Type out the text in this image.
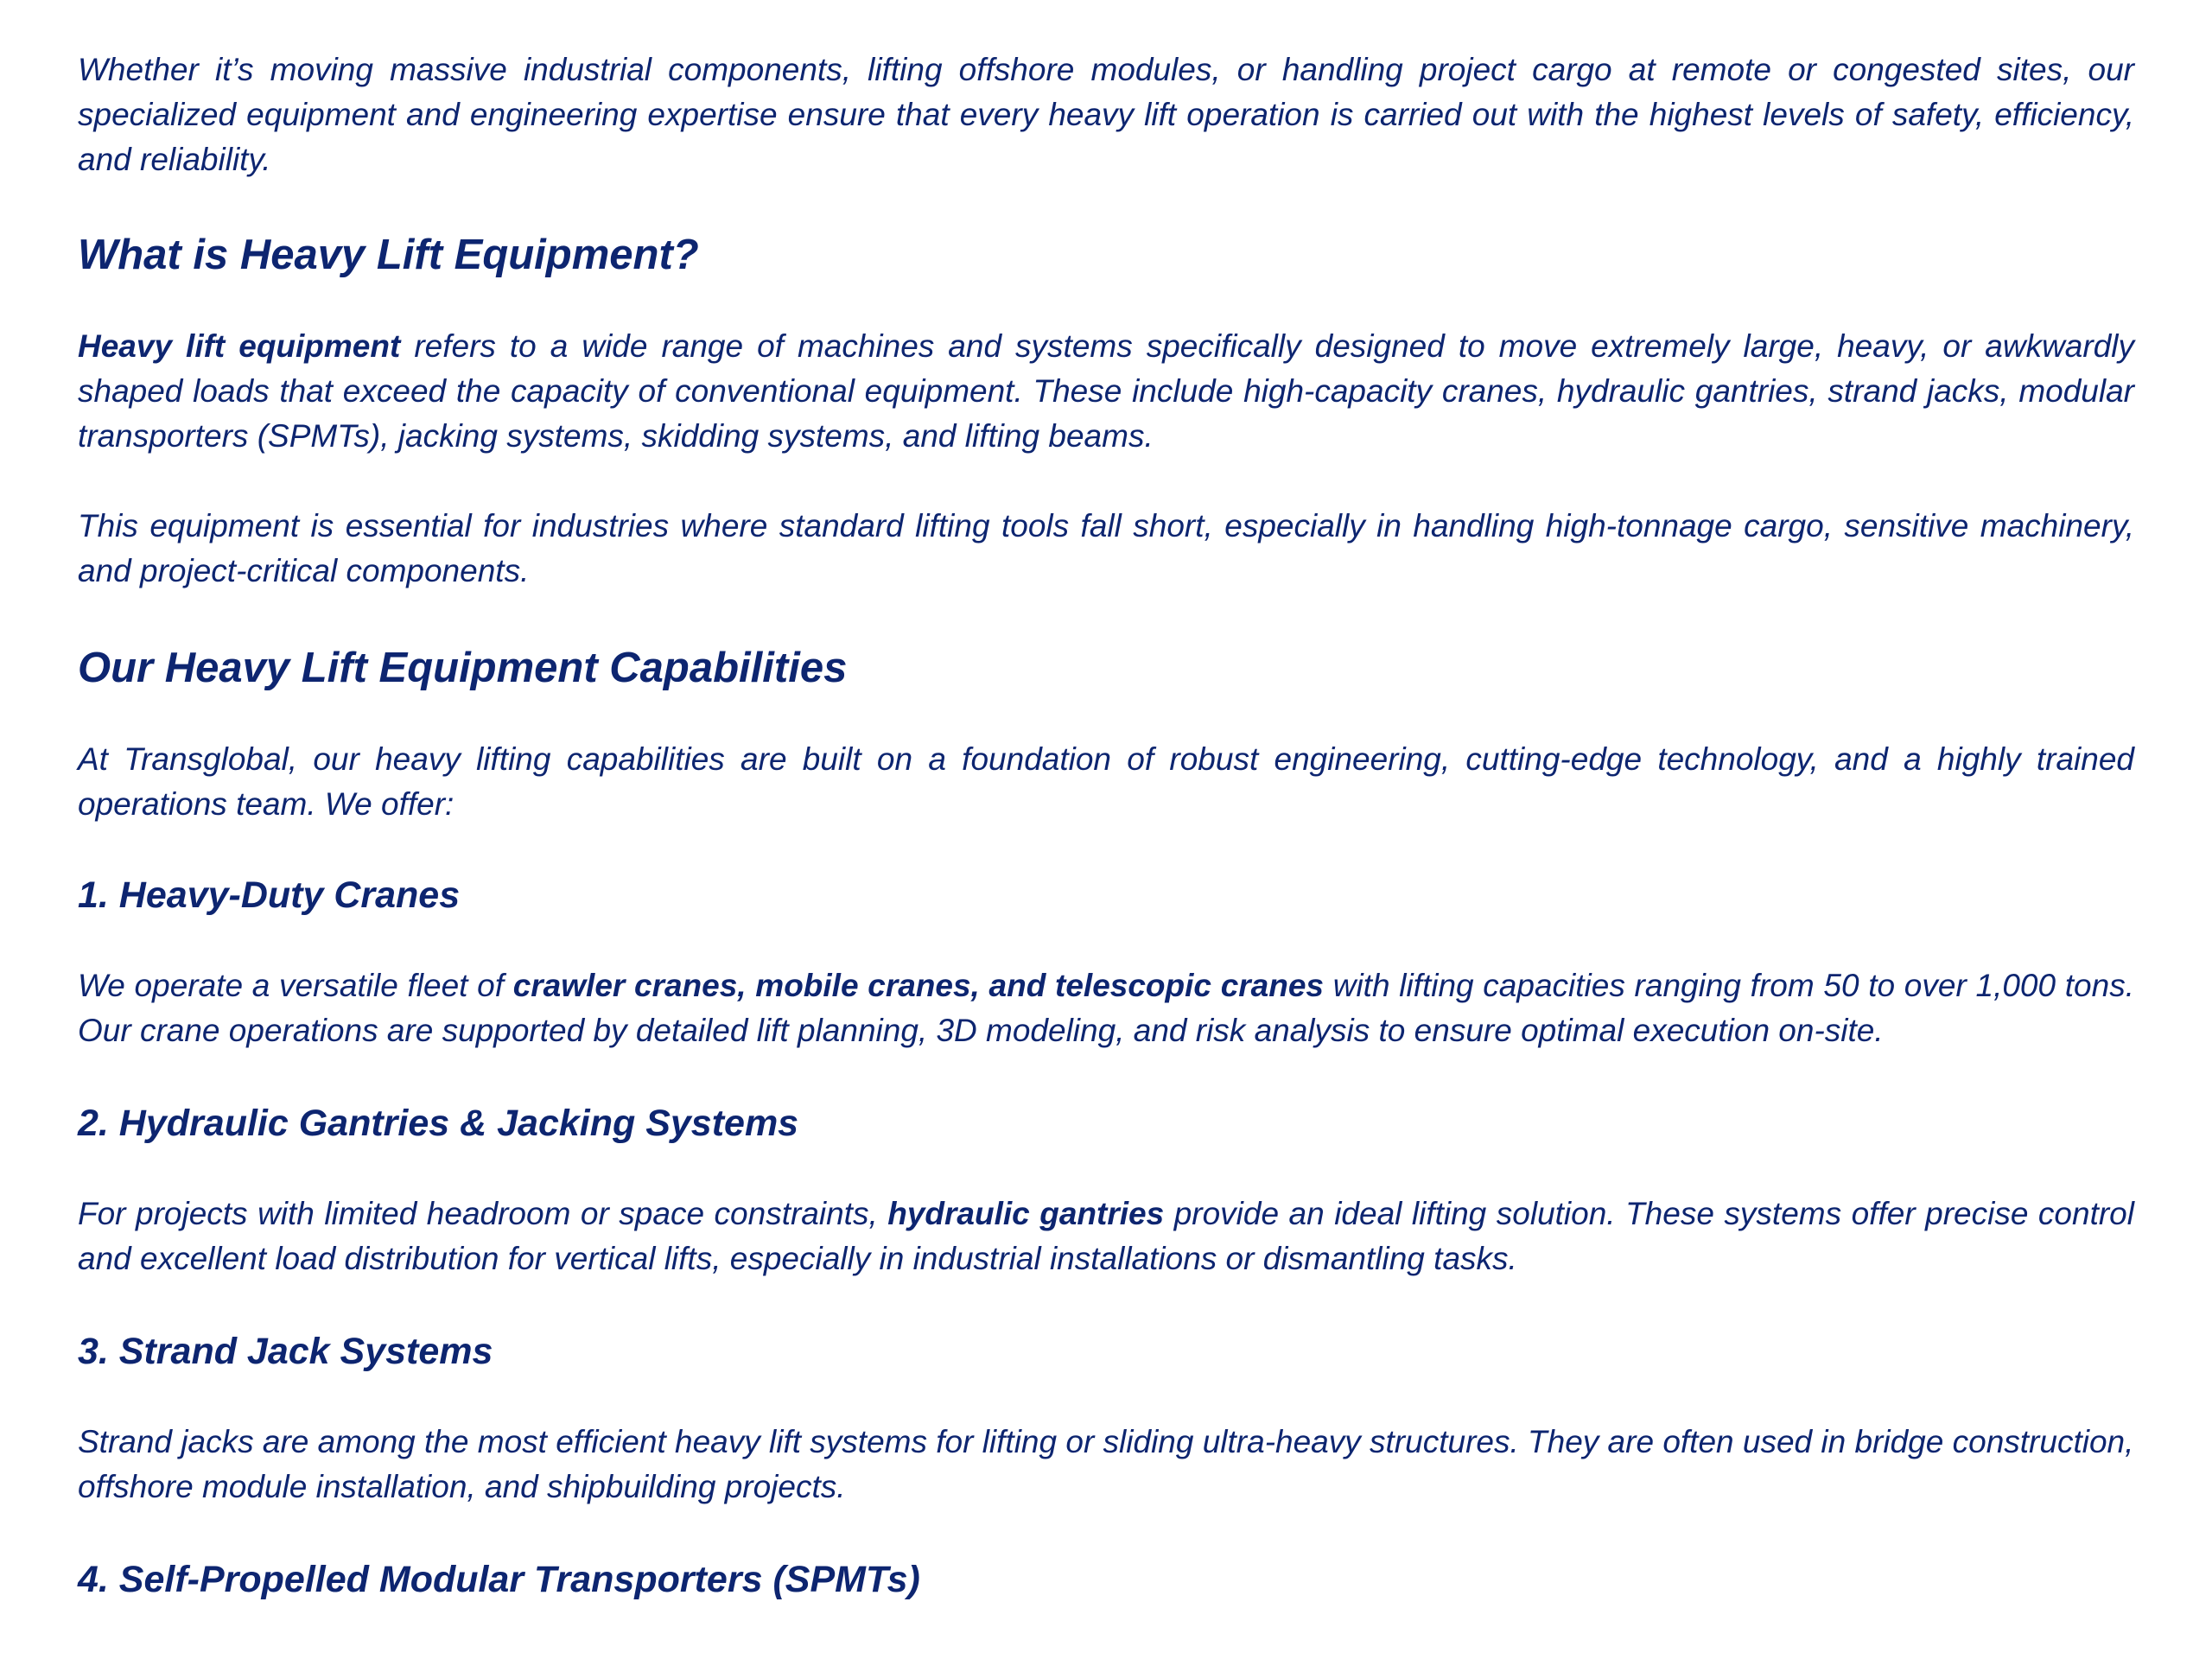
Whether it’s moving massive industrial components, lifting offshore modules, or handling project cargo at remote or congested sites, our specialized equipment and engineering expertise ensure that every heavy lift operation is carried out with the highest levels of safety, efficiency, and reliability.

What is Heavy Lift Equipment?

Heavy lift equipment refers to a wide range of machines and systems specifically designed to move extremely large, heavy, or awkwardly shaped loads that exceed the capacity of conventional equipment. These include high-capacity cranes, hydraulic gantries, strand jacks, modular transporters (SPMTs), jacking systems, skidding systems, and lifting beams.

This equipment is essential for industries where standard lifting tools fall short, especially in handling high-tonnage cargo, sensitive machinery, and project-critical components.

Our Heavy Lift Equipment Capabilities

At Transglobal, our heavy lifting capabilities are built on a foundation of robust engineering, cutting-edge technology, and a highly trained operations team. We offer:

1. Heavy-Duty Cranes

We operate a versatile fleet of crawler cranes, mobile cranes, and telescopic cranes with lifting capacities ranging from 50 to over 1,000 tons. Our crane operations are supported by detailed lift planning, 3D modeling, and risk analysis to ensure optimal execution on-site.

2. Hydraulic Gantries & Jacking Systems

For projects with limited headroom or space constraints, hydraulic gantries provide an ideal lifting solution. These systems offer precise control and excellent load distribution for vertical lifts, especially in industrial installations or dismantling tasks.

3. Strand Jack Systems

Strand jacks are among the most efficient heavy lift systems for lifting or sliding ultra-heavy structures. They are often used in bridge construction, offshore module installation, and shipbuilding projects.

4. Self-Propelled Modular Transporters (SPMTs)
